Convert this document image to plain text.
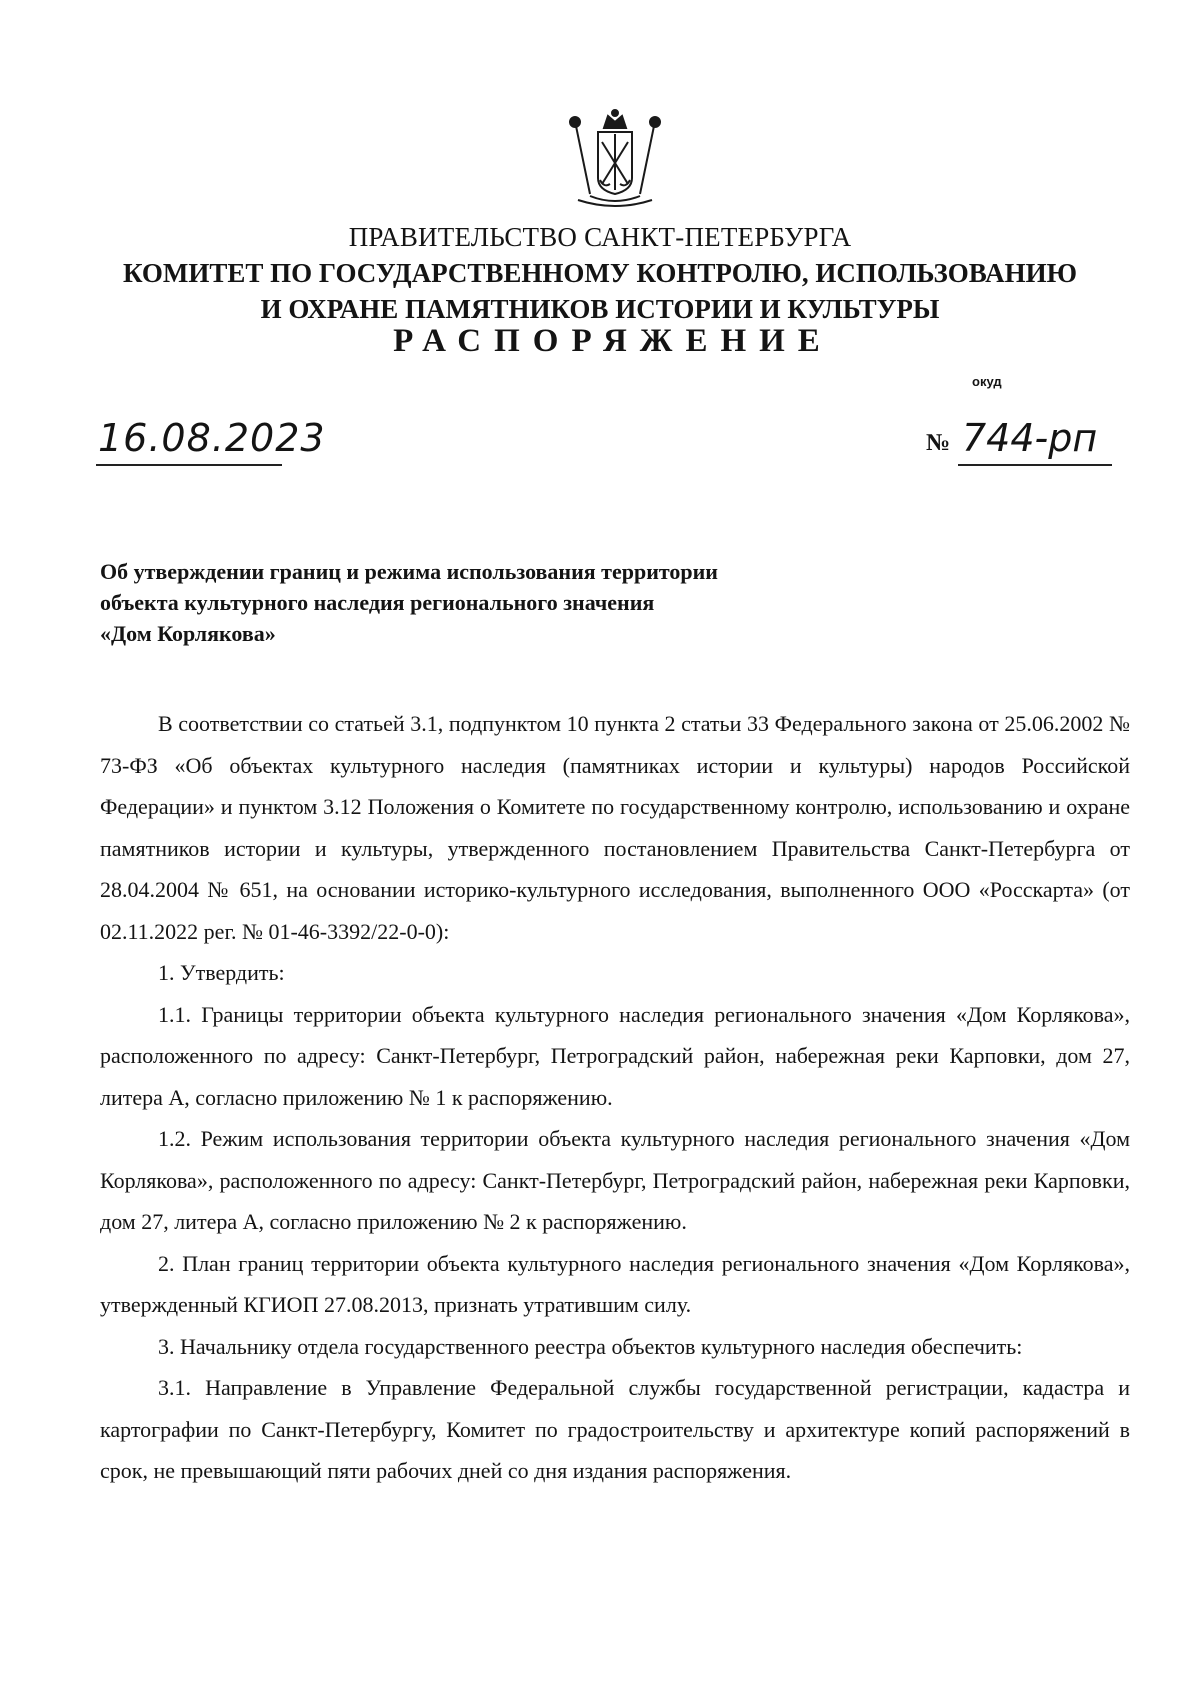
ПРАВИТЕЛЬСТВО САНКТ-ПЕТЕРБУРГА
КОМИТЕТ ПО ГОСУДАРСТВЕННОМУ КОНТРОЛЮ, ИСПОЛЬЗОВАНИЮ
И ОХРАНЕ ПАМЯТНИКОВ ИСТОРИИ И КУЛЬТУРЫ
РАСПОРЯЖЕНИЕ
окуд
16.08.2023	№ 744-рп
Об утверждении границ и режима использования территории
объекта культурного наследия регионального значения
«Дом Корлякова»

В соответствии со статьей 3.1, подпунктом 10 пункта 2 статьи 33 Федерального закона от 25.06.2002 № 73-ФЗ «Об объектах культурного наследия (памятниках истории и культуры) народов Российской Федерации» и пунктом 3.12 Положения о Комитете по государственному контролю, использованию и охране памятников истории и культуры, утвержденного постановлением Правительства Санкт-Петербурга от 28.04.2004 № 651, на основании историко-культурного исследования, выполненного ООО «Росскарта» (от 02.11.2022 рег. № 01-46-3392/22-0-0):

1. Утвердить:

1.1. Границы территории объекта культурного наследия регионального значения «Дом Корлякова», расположенного по адресу: Санкт-Петербург, Петроградский район, набережная реки Карповки, дом 27, литера А, согласно приложению № 1 к распоряжению.

1.2. Режим использования территории объекта культурного наследия регионального значения «Дом Корлякова», расположенного по адресу: Санкт-Петербург, Петроградский район, набережная реки Карповки, дом 27, литера А, согласно приложению № 2 к распоряжению.

2. План границ территории объекта культурного наследия регионального значения «Дом Корлякова», утвержденный КГИОП 27.08.2013, признать утратившим силу.

3. Начальнику отдела государственного реестра объектов культурного наследия обеспечить:

3.1. Направление в Управление Федеральной службы государственной регистрации, кадастра и картографии по Санкт-Петербургу, Комитет по градостроительству и архитектуре копий распоряжений в срок, не превышающий пяти рабочих дней со дня издания распоряжения.
